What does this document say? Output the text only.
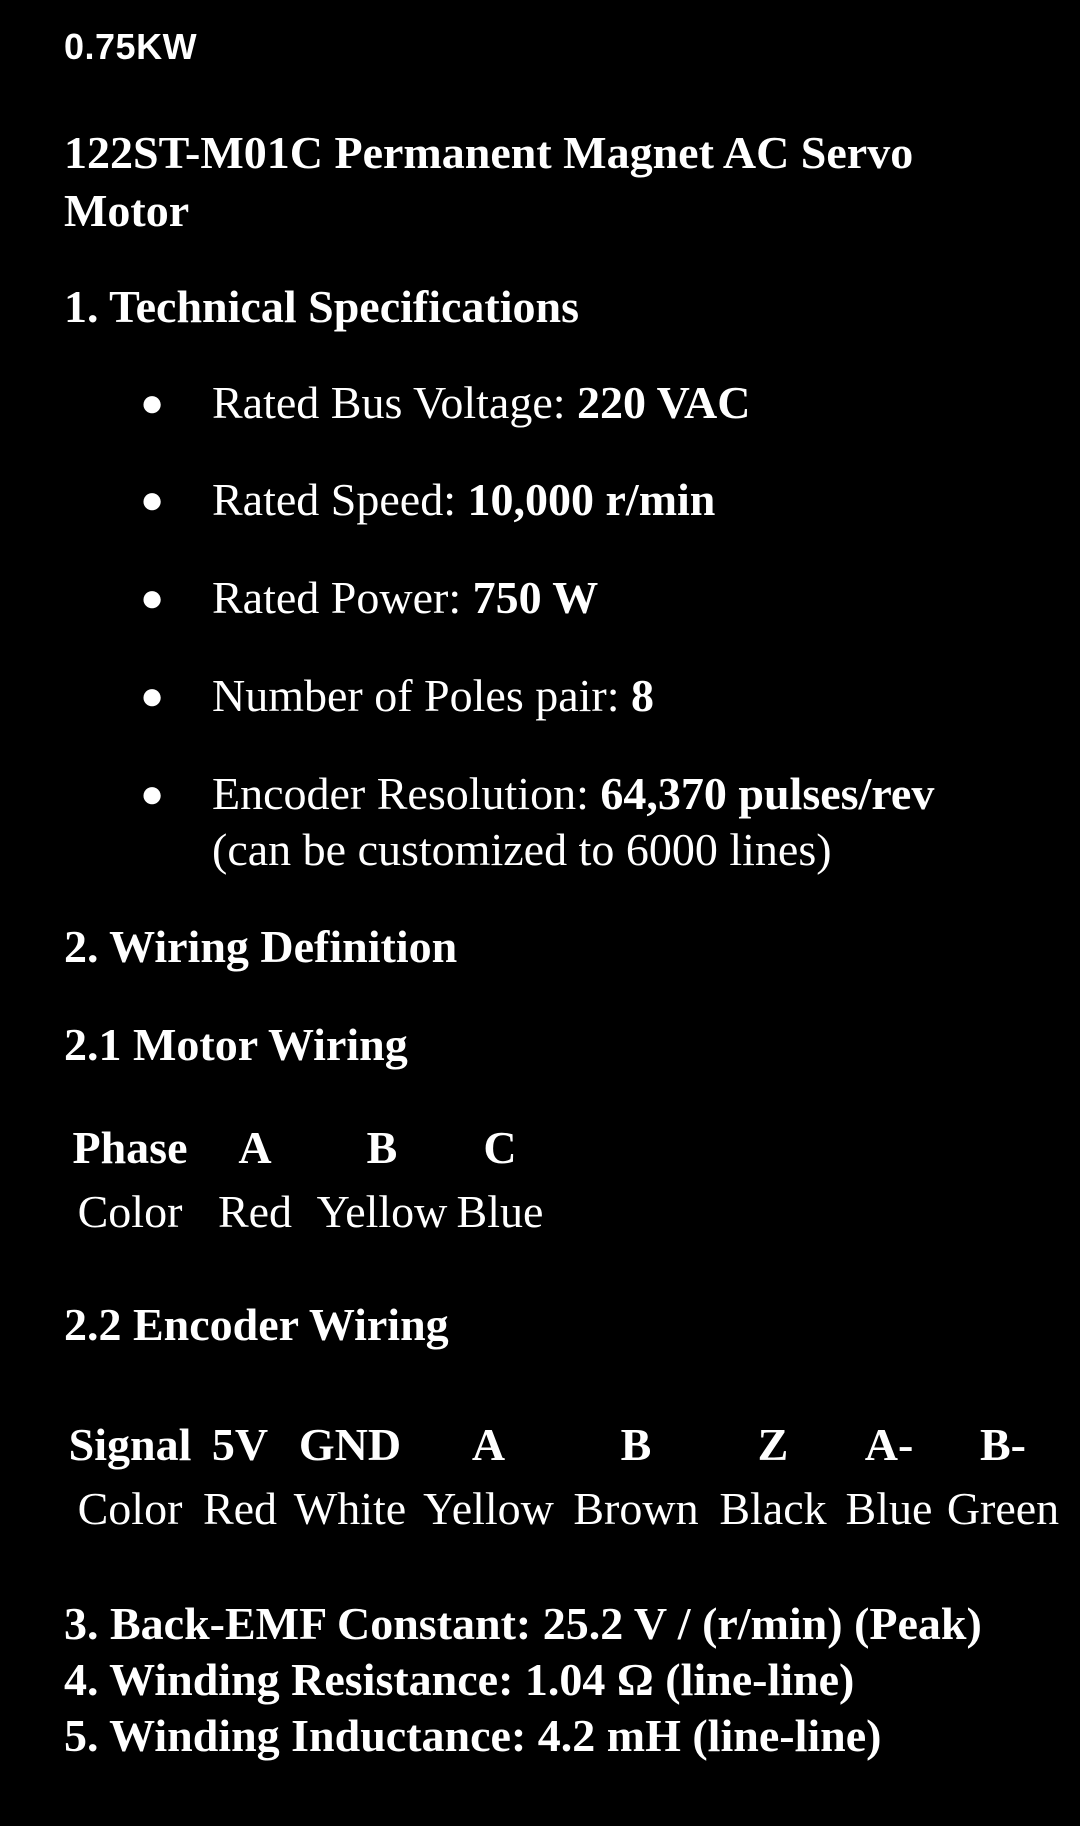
0.75KW
122ST-M01C Permanent Magnet AC Servo Motor
1. Technical Specifications
● Rated Bus Voltage: 220 VAC
● Rated Speed: 10,000 r/min
● Rated Power: 750 W
● Number of Poles pair: 8
● Encoder Resolution: 64,370 pulses/rev
(can be customized to 6000 lines)
2. Wiring Definition
2.1 Motor Wiring
Phase	A	B	C
Color	Red	Yellow	Blue
2.2 Encoder Wiring
Signal	5V	GND	A	B	Z	A-	B-
Color	Red	White	Yellow	Brown	Black	Blue	Green
3. Back-EMF Constant: 25.2 V / (r/min) (Peak)
4. Winding Resistance: 1.04 Ω (line-line)
5. Winding Inductance: 4.2 mH (line-line)
